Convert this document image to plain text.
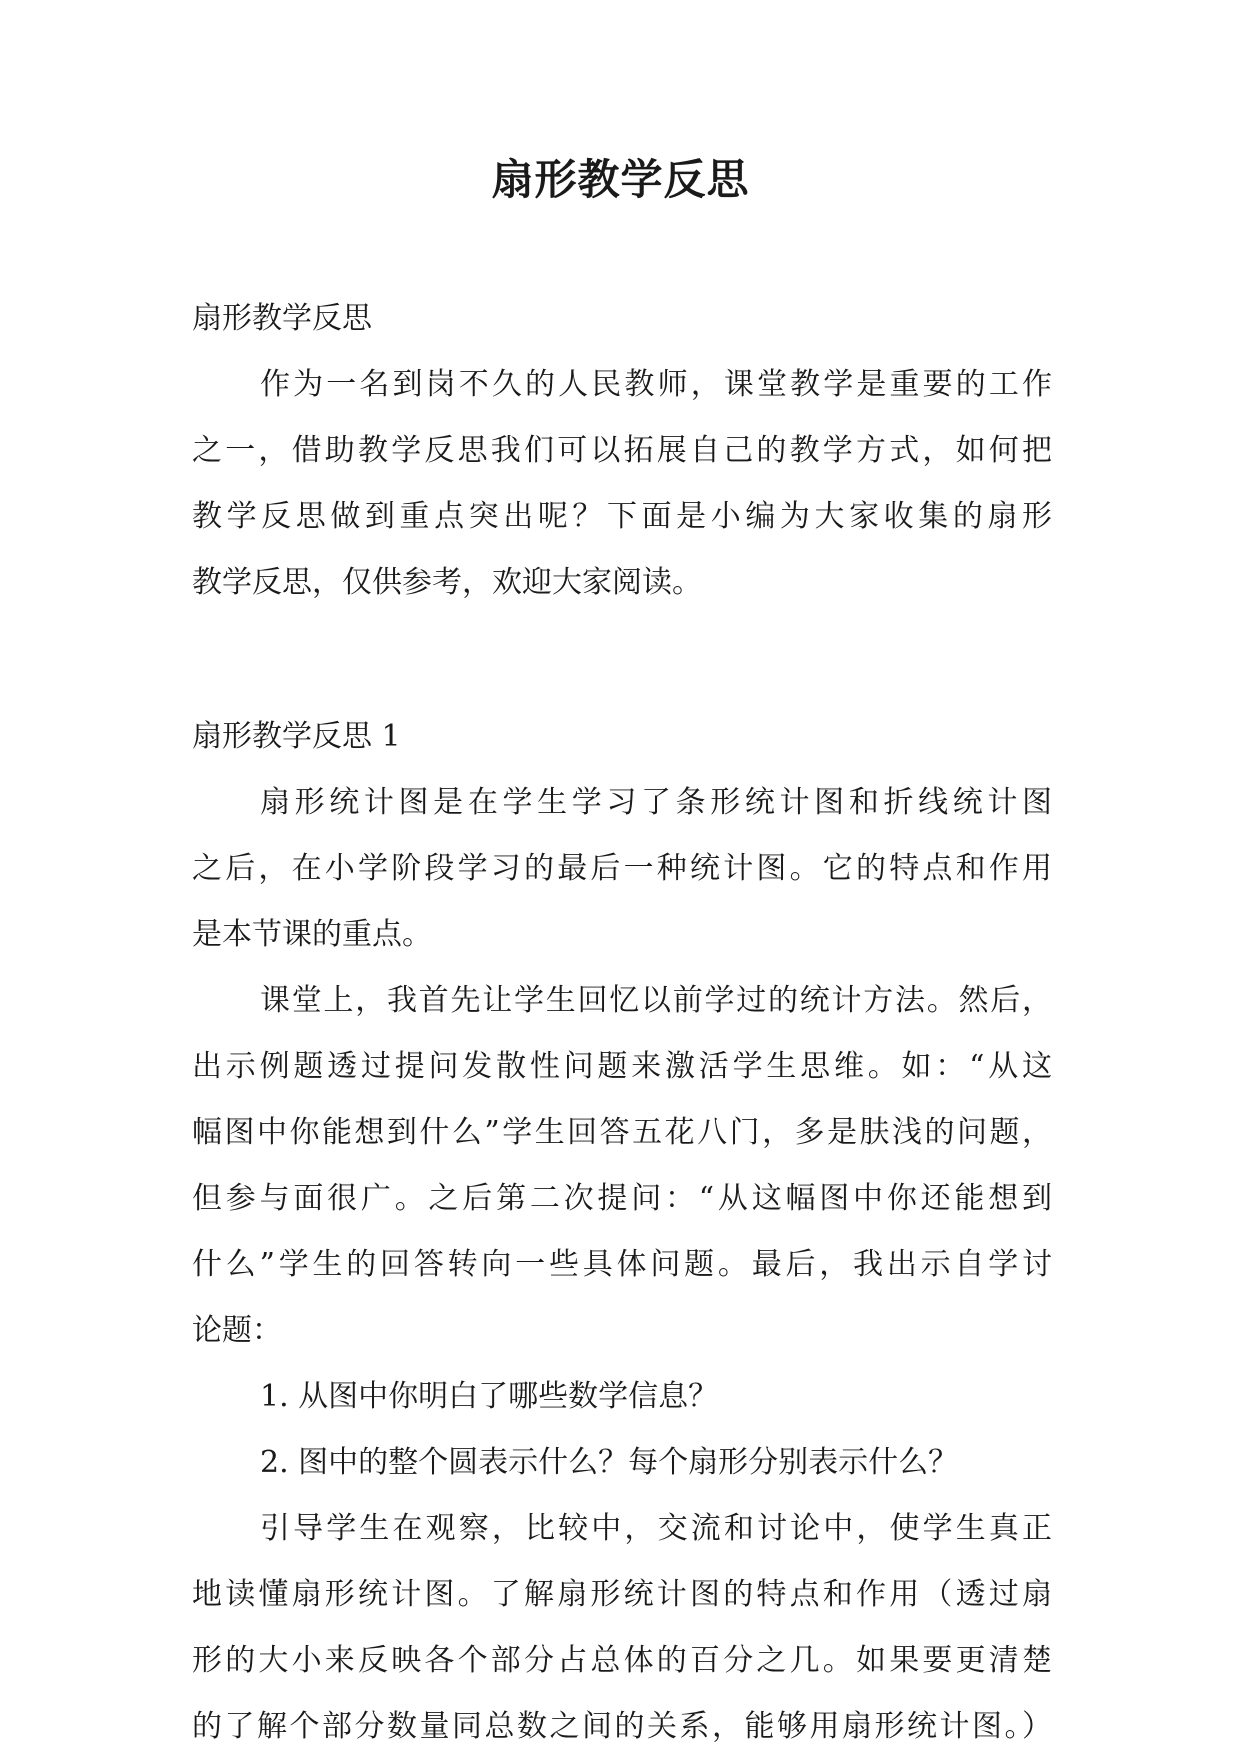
扇形教学反思
扇形教学反思
作为一名到岗不久的人民教师，课堂教学是重要的工作
之一，借助教学反思我们可以拓展自己的教学方式，如何把
教学反思做到重点突出呢？下面是小编为大家收集的扇形
教学反思，仅供参考，欢迎大家阅读。
扇形教学反思 1
扇形统计图是在学生学习了条形统计图和折线统计图
之后，在小学阶段学习的最后一种统计图。它的特点和作用
是本节课的重点。
课堂上，我首先让学生回忆以前学过的统计方法。然后，
出示例题透过提问发散性问题来激活学生思维。如：“从这
幅图中你能想到什么”学生回答五花八门，多是肤浅的问题，
但参与面很广。之后第二次提问：“从这幅图中你还能想到
什么”学生的回答转向一些具体问题。最后，我出示自学讨
论题：
1. 从图中你明白了哪些数学信息？
2. 图中的整个圆表示什么？每个扇形分别表示什么？
引导学生在观察，比较中，交流和讨论中，使学生真正
地读懂扇形统计图。了解扇形统计图的特点和作用（透过扇
形的大小来反映各个部分占总体的百分之几。如果要更清楚
的了解个部分数量同总数之间的关系，能够用扇形统计图。）
